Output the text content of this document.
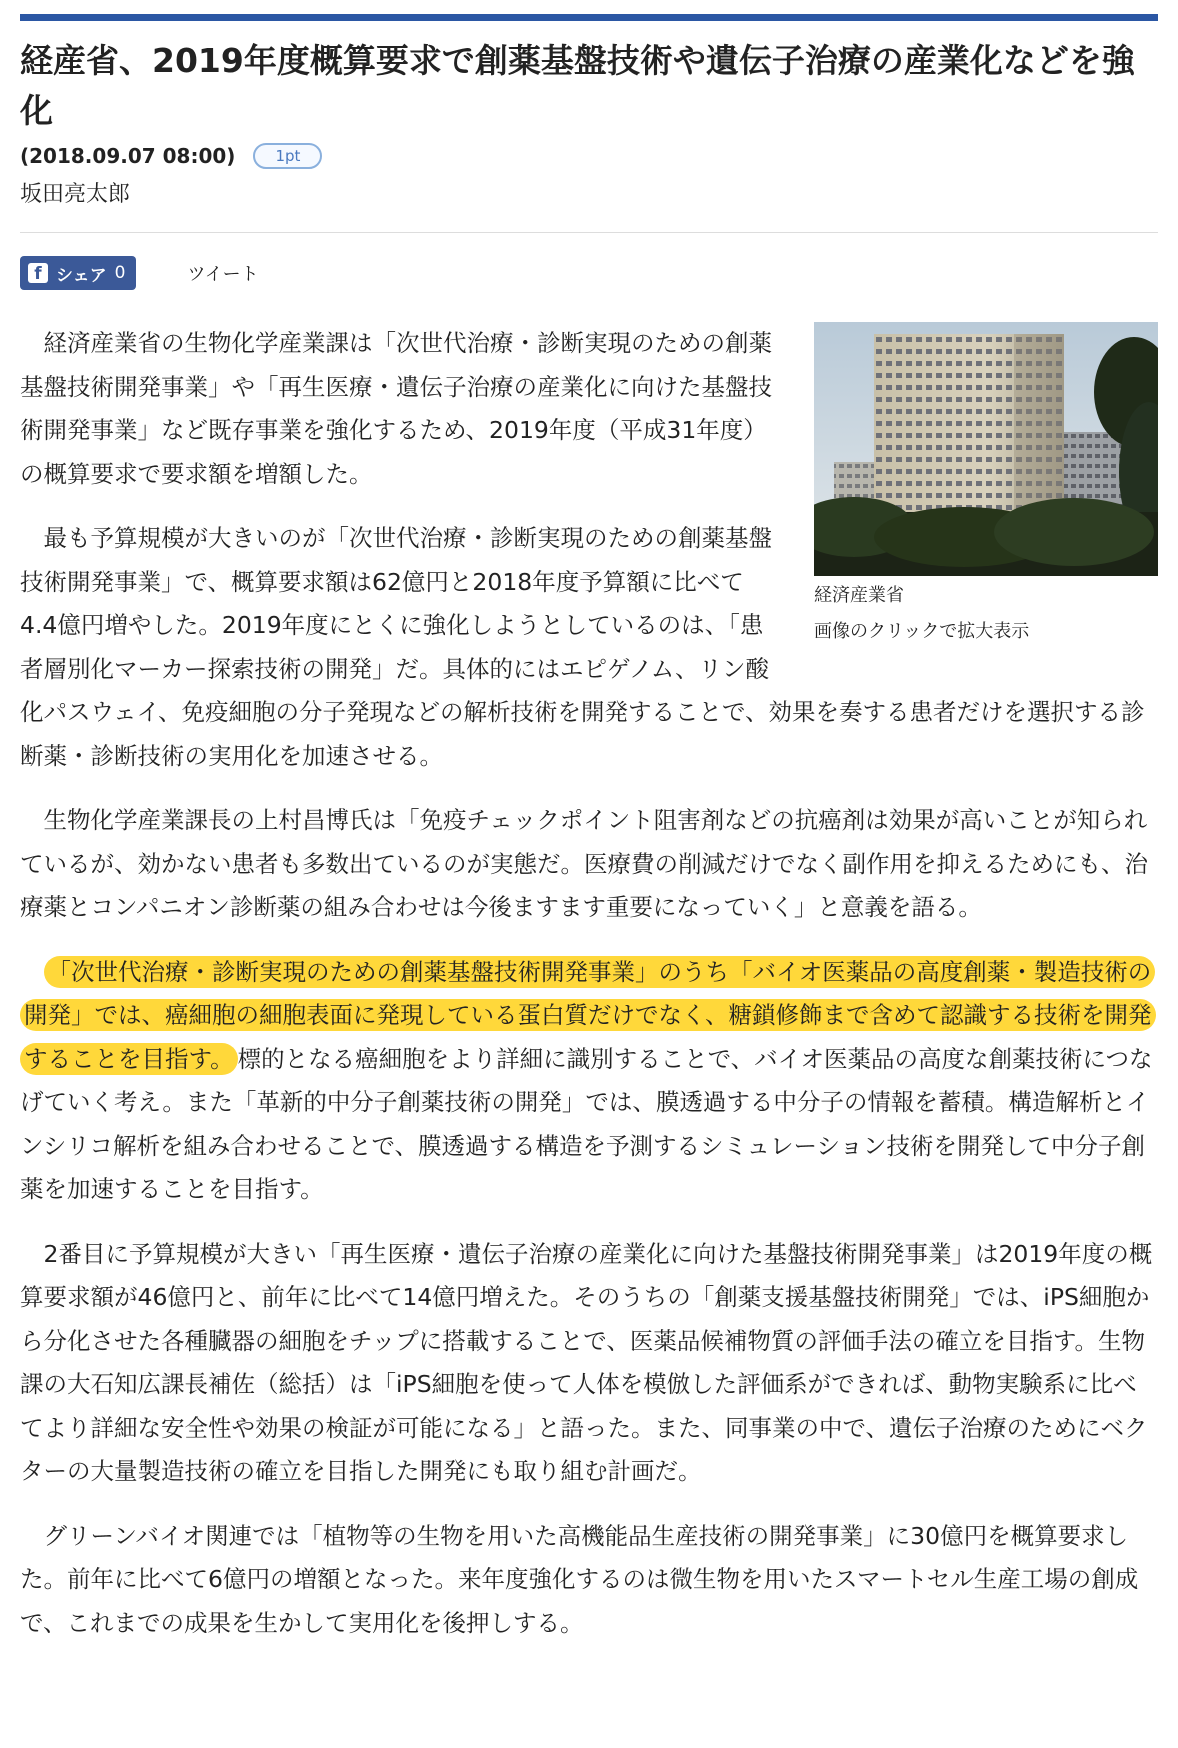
経産省、2019年度概算要求で創薬基盤技術や遺伝子治療の産業化などを強化
(2018.09.07 08:00)	1pt
坂田亮太郎
f シェア 0	ツイート
経済産業省
画像のクリックで拡大表示

経済産業省の生物化学産業課は「次世代治療・診断実現のための創薬基盤技術開発事業」や「再生医療・遺伝子治療の産業化に向けた基盤技術開発事業」など既存事業を強化するため、2019年度（平成31年度）の概算要求で要求額を増額した。

最も予算規模が大きいのが「次世代治療・診断実現のための創薬基盤技術開発事業」で、概算要求額は62億円と2018年度予算額に比べて4.4億円増やした。2019年度にとくに強化しようとしているのは、「患者層別化マーカー探索技術の開発」だ。具体的にはエピゲノム、リン酸化パスウェイ、免疫細胞の分子発現などの解析技術を開発することで、効果を奏する患者だけを選択する診断薬・診断技術の実用化を加速させる。

生物化学産業課長の上村昌博氏は「免疫チェックポイント阻害剤などの抗癌剤は効果が高いことが知られているが、効かない患者も多数出ているのが実態だ。医療費の削減だけでなく副作用を抑えるためにも、治療薬とコンパニオン診断薬の組み合わせは今後ますます重要になっていく」と意義を語る。

「次世代治療・診断実現のための創薬基盤技術開発事業」のうち「バイオ医薬品の高度創薬・製造技術の開発」では、癌細胞の細胞表面に発現している蛋白質だけでなく、糖鎖修飾まで含めて認識する技術を開発することを目指す。 標的となる癌細胞をより詳細に識別することで、バイオ医薬品の高度な創薬技術につなげていく考え。また「革新的中分子創薬技術の開発」では、膜透過する中分子の情報を蓄積。構造解析とインシリコ解析を組み合わせることで、膜透過する構造を予測するシミュレーション技術を開発して中分子創薬を加速することを目指す。

2番目に予算規模が大きい「再生医療・遺伝子治療の産業化に向けた基盤技術開発事業」は2019年度の概算要求額が46億円と、前年に比べて14億円増えた。そのうちの「創薬支援基盤技術開発」では、iPS細胞から分化させた各種臓器の細胞をチップに搭載することで、医薬品候補物質の評価手法の確立を目指す。生物課の大石知広課長補佐（総括）は「iPS細胞を使って人体を模倣した評価系ができれば、動物実験系に比べてより詳細な安全性や効果の検証が可能になる」と語った。また、同事業の中で、遺伝子治療のためにベクターの大量製造技術の確立を目指した開発にも取り組む計画だ。

グリーンバイオ関連では「植物等の生物を用いた高機能品生産技術の開発事業」に30億円を概算要求した。前年に比べて6億円の増額となった。来年度強化するのは微生物を用いたスマートセル生産工場の創成で、これまでの成果を生かして実用化を後押しする。
